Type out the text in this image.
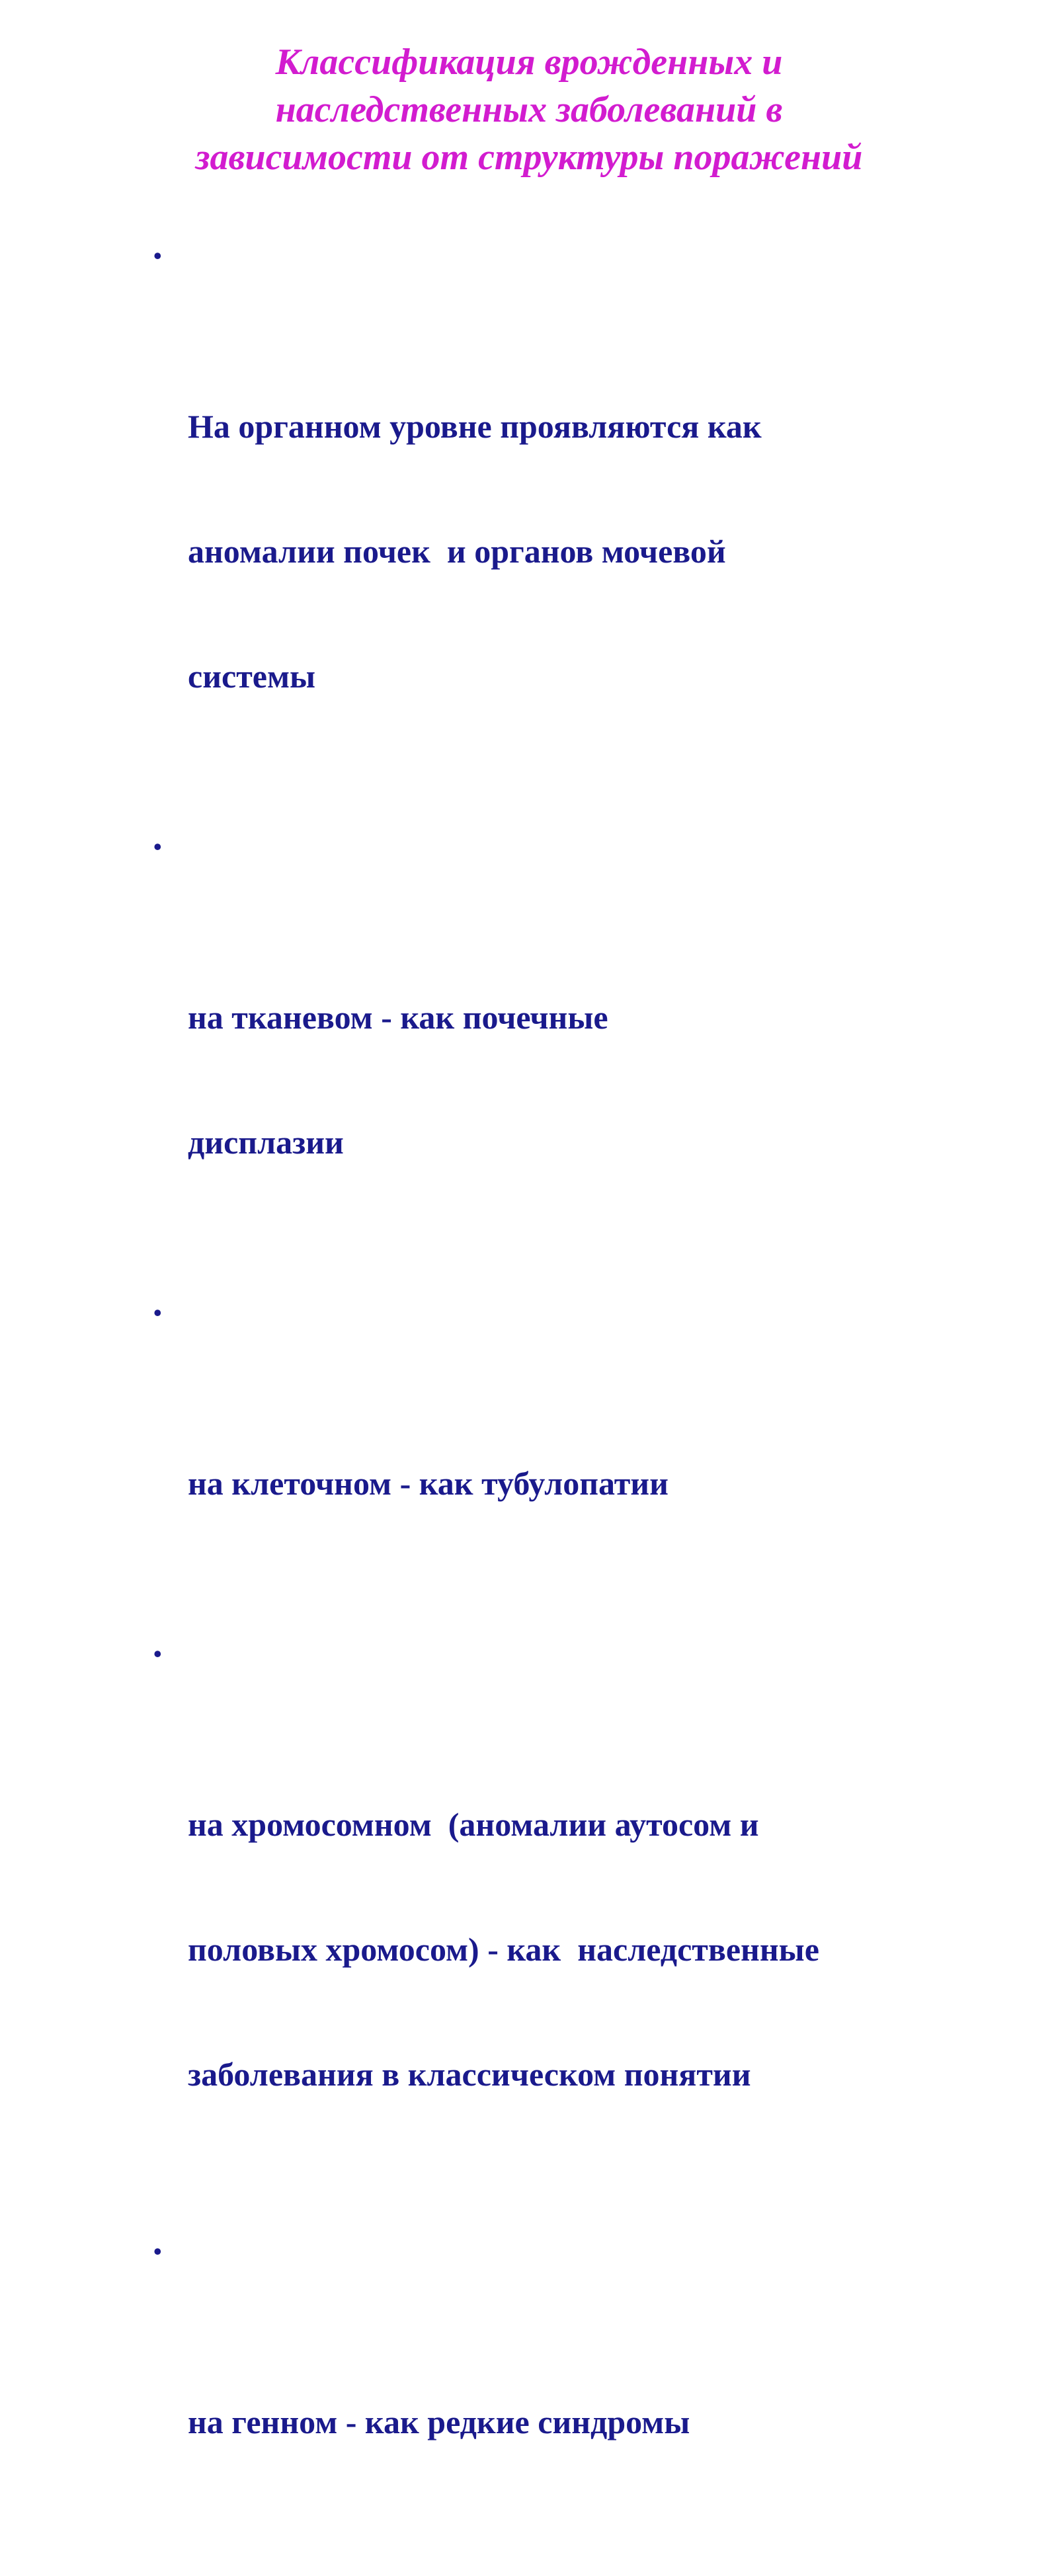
Классификация врожденных и
наследственных заболеваний в
зависимости от структуры поражений

•

На органном уровне проявляются как

аномалии почек  и органов мочевой

системы

•

на тканевом - как почечные

дисплазии

•

на клеточном - как тубулопатии

•

на хромосомном  (аномалии аутосом и

половых хромосом) - как  наследственные

заболевания в классическом понятии

•

на генном - как редкие синдромы
